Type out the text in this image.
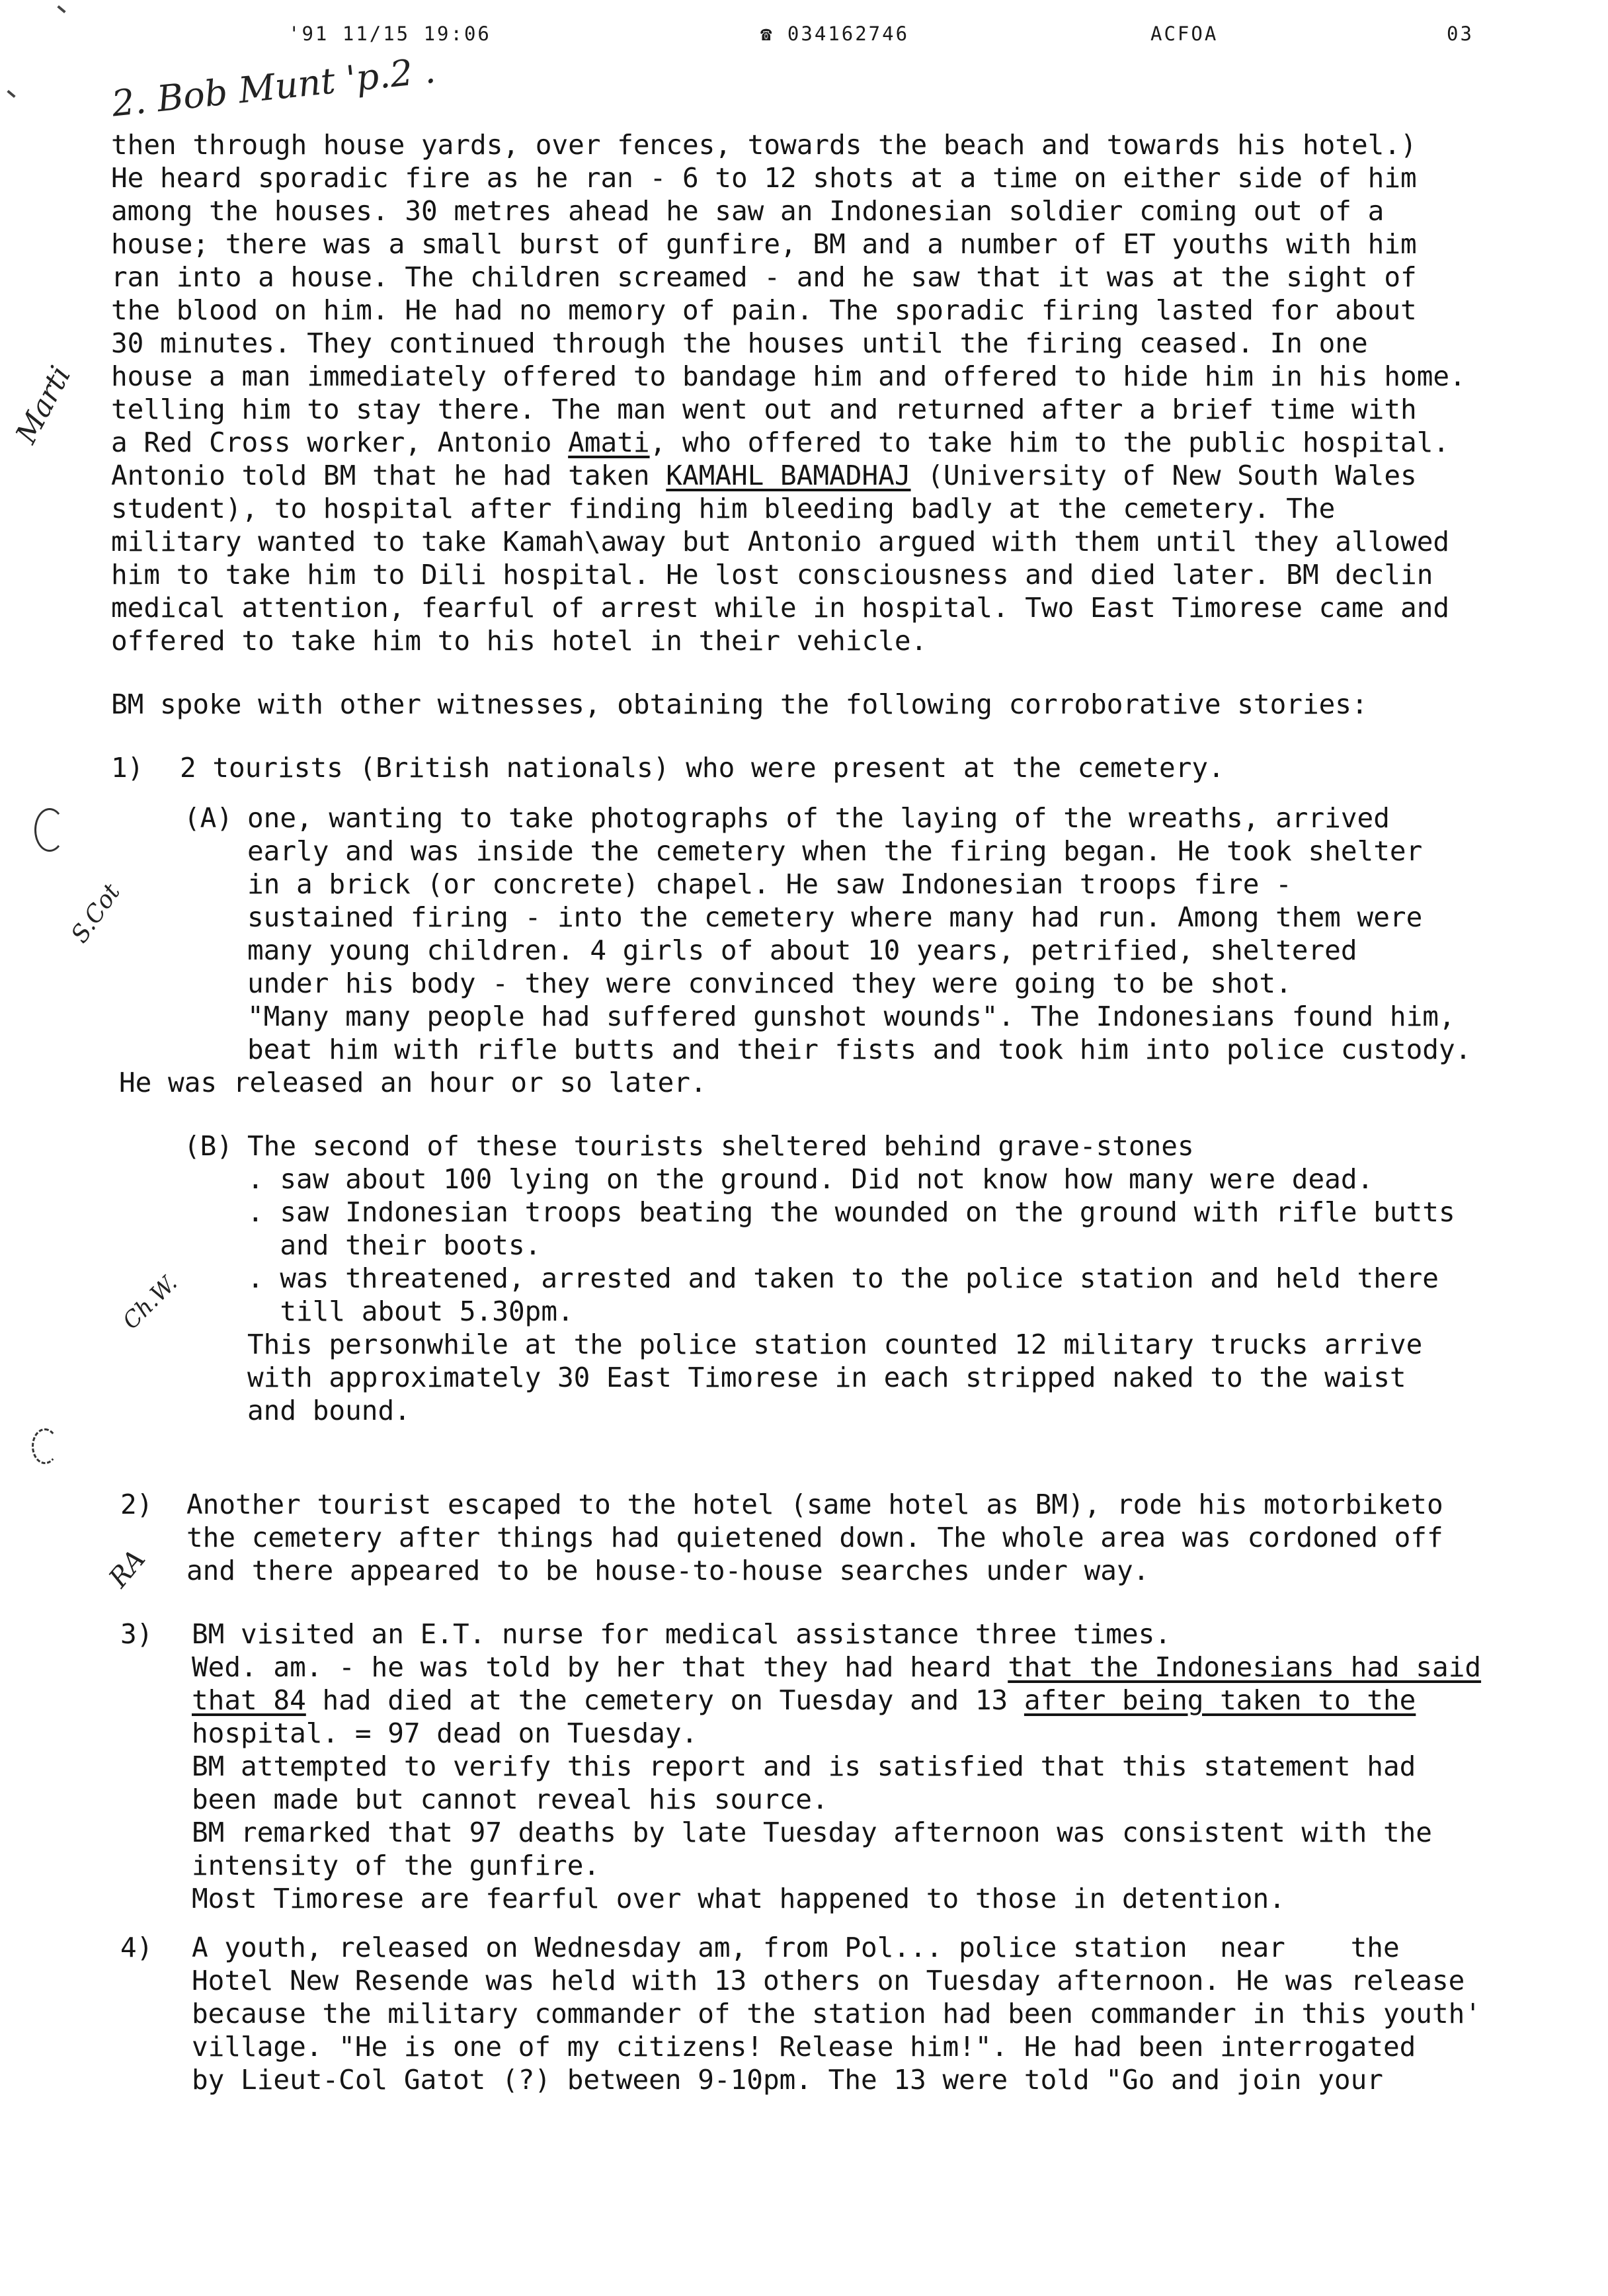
'91 11/15 19:06	☎ 034162746	ACFOA	03
2. Bob Munt 'p.2 .
Marti
S.Cot
Ch.W.
RA
then through house yards, over fences, towards the beach and towards his hotel.)
He heard sporadic fire as he ran - 6 to 12 shots at a time on either side of him
among the houses. 30 metres ahead he saw an Indonesian soldier coming out of a
house; there was a small burst of gunfire, BM and a number of ET youths with him
ran into a house. The children screamed - and he saw that it was at the sight of
the blood on him. He had no memory of pain. The sporadic firing lasted for about
30 minutes. They continued through the houses until the firing ceased. In one
house a man immediately offered to bandage him and offered to hide him in his home.
telling him to stay there. The man went out and returned after a brief time with
a Red Cross worker, Antonio Amati, who offered to take him to the public hospital.
Antonio told BM that he had taken KAMAHL BAMADHAJ (University of New South Wales
student), to hospital after finding him bleeding badly at the cemetery. The
military wanted to take Kamah\away but Antonio argued with them until they allowed
him to take him to Dili hospital. He lost consciousness and died later. BM declin
medical attention, fearful of arrest while in hospital. Two East Timorese came and
offered to take him to his hotel in their vehicle.
BM spoke with other witnesses, obtaining the following corroborative stories:
1) 2 tourists (British nationals) who were present at the cemetery.
(A) one, wanting to take photographs of the laying of the wreaths, arrived
early and was inside the cemetery when the firing began. He took shelter
in a brick (or concrete) chapel. He saw Indonesian troops fire -
sustained firing - into the cemetery where many had run. Among them were
many young children. 4 girls of about 10 years, petrified, sheltered
under his body - they were convinced they were going to be shot.
"Many many people had suffered gunshot wounds". The Indonesians found him,
beat him with rifle butts and their fists and took him into police custody.
He was released an hour or so later.
(B) The second of these tourists sheltered behind grave-stones
. saw about 100 lying on the ground. Did not know how many were dead.
. saw Indonesian troops beating the wounded on the ground with rifle butts
and their boots.
. was threatened, arrested and taken to the police station and held there
till about 5.30pm.
This personwhile at the police station counted 12 military trucks arrive
with approximately 30 East Timorese in each stripped naked to the waist
and bound.
2) Another tourist escaped to the hotel (same hotel as BM), rode his motorbiketo
the cemetery after things had quietened down. The whole area was cordoned off
and there appeared to be house-to-house searches under way.
3) BM visited an E.T. nurse for medical assistance three times.
Wed. am. - he was told by her that they had heard that the Indonesians had said
that 84 had died at the cemetery on Tuesday and 13 after being taken to the
hospital. = 97 dead on Tuesday.
BM attempted to verify this report and is satisfied that this statement had
been made but cannot reveal his source.
BM remarked that 97 deaths by late Tuesday afternoon was consistent with the
intensity of the gunfire.
Most Timorese are fearful over what happened to those in detention.
4) A youth, released on Wednesday am, from Pol... police station  near    the
Hotel New Resende was held with 13 others on Tuesday afternoon. He was release
because the military commander of the station had been commander in this youth'
village. "He is one of my citizens! Release him!". He had been interrogated
by Lieut-Col Gatot (?) between 9-10pm. The 13 were told "Go and join your
